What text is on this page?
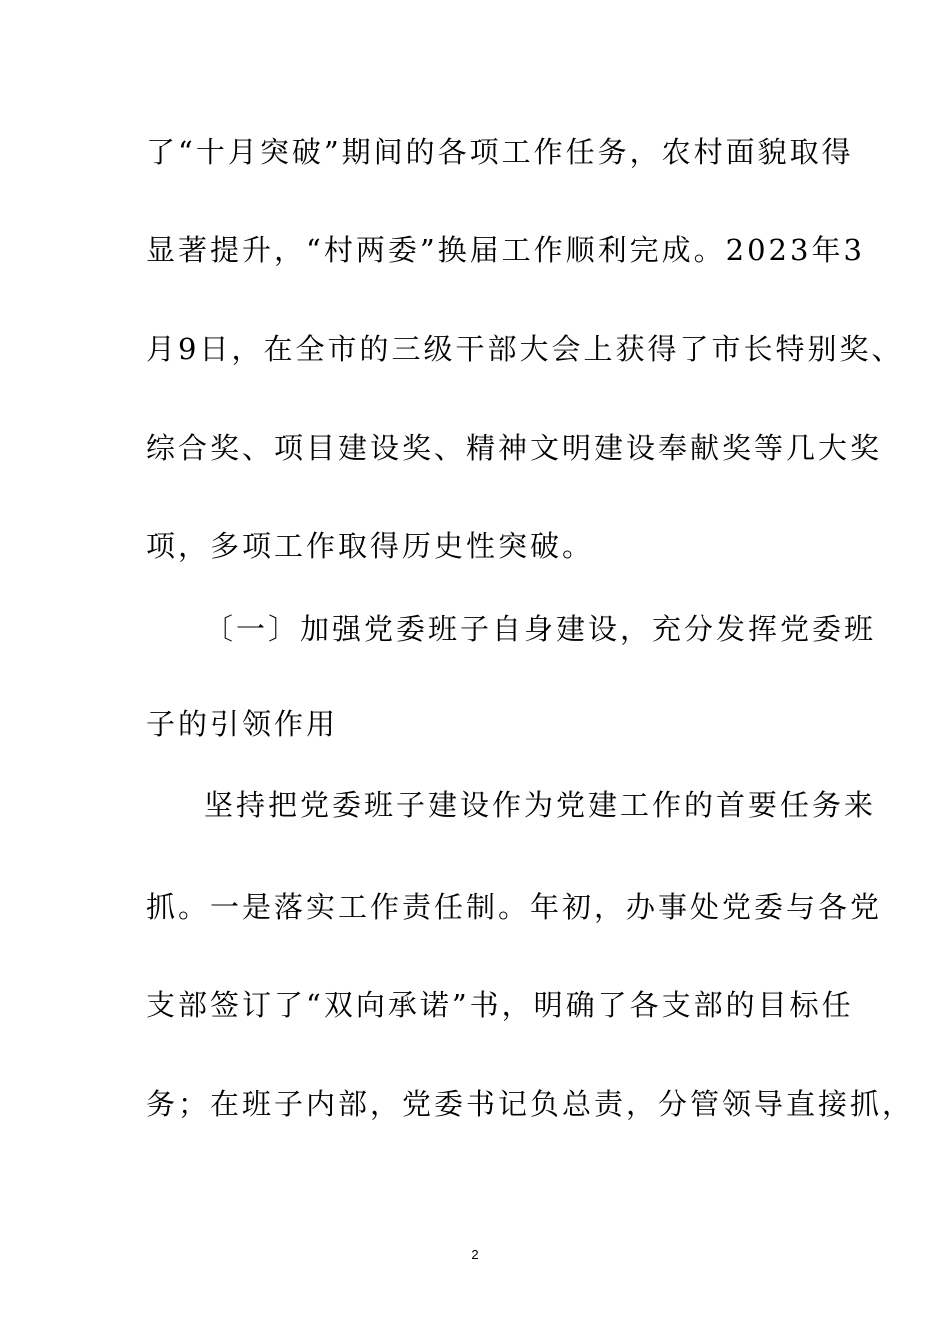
了“十月突破”期间的各项工作任务，农村面貌取得

显著提升，“村两委”换届工作顺利完成。2023年3

月9日，在全市的三级干部大会上获得了市长特别奖、

综合奖、项目建设奖、精神文明建设奉献奖等几大奖

项，多项工作取得历史性突破。

〔一〕加强党委班子自身建设，充分发挥党委班

子的引领作用

坚持把党委班子建设作为党建工作的首要任务来

抓。一是落实工作责任制。年初，办事处党委与各党

支部签订了“双向承诺”书，明确了各支部的目标任

务；在班子内部，党委书记负总责，分管领导直接抓，

2
